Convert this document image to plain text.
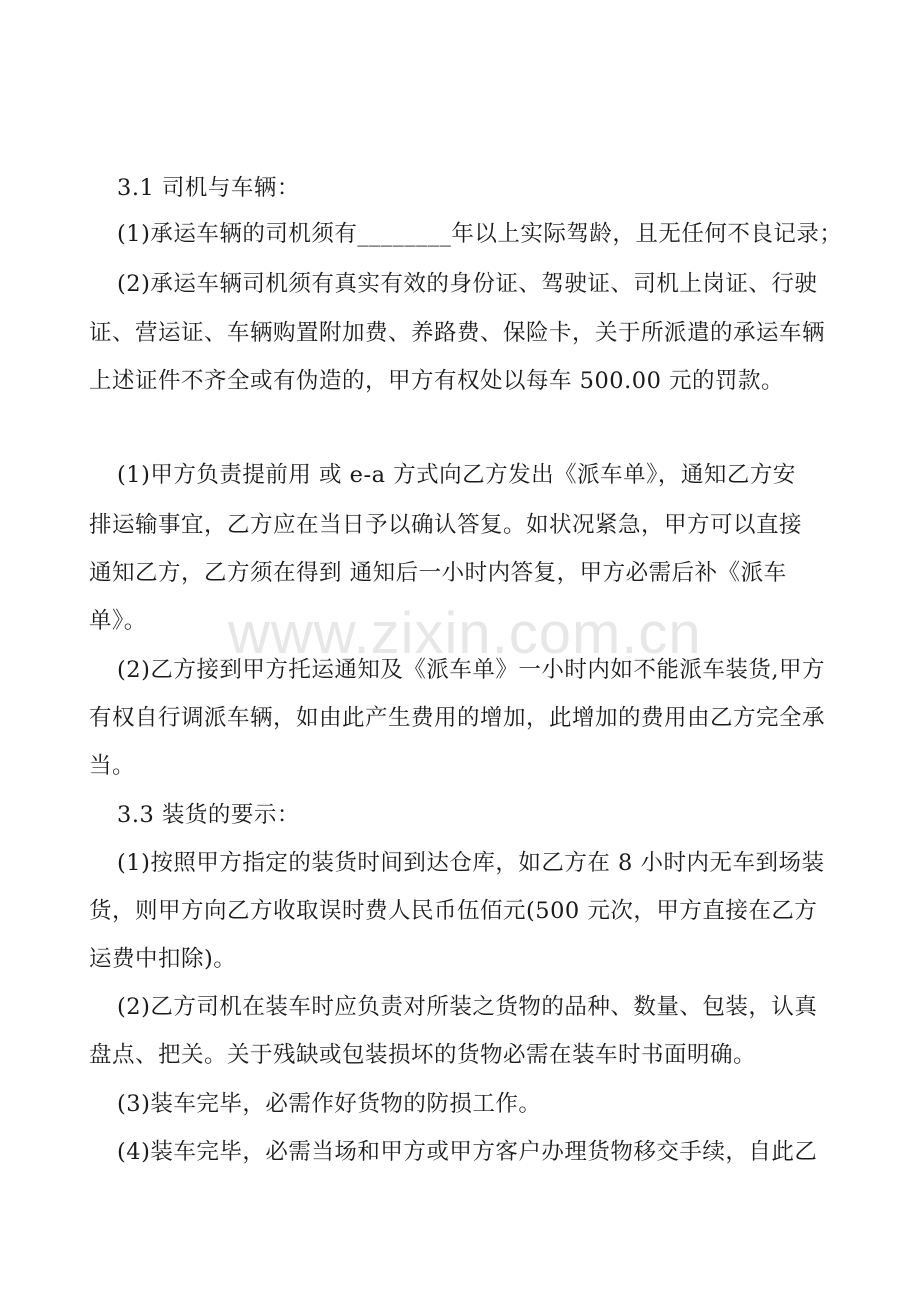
3.1 司机与车辆：
(1)承运车辆的司机须有________年以上实际驾龄，且无任何不良记录；
(2)承运车辆司机须有真实有效的身份证、驾驶证、司机上岗证、行驶
证、营运证、车辆购置附加费、养路费、保险卡，关于所派遣的承运车辆
上述证件不齐全或有伪造的，甲方有权处以每车 500.00 元的罚款。
(1)甲方负责提前用 或 e-a 方式向乙方发出《派车单》，通知乙方安
排运输事宜，乙方应在当日予以确认答复。如状况紧急，甲方可以直接
通知乙方，乙方须在得到 通知后一小时内答复，甲方必需后补《派车
单》。
(2)乙方接到甲方托运通知及《派车单》一小时内如不能派车装货,甲方
有权自行调派车辆，如由此产生费用的增加，此增加的费用由乙方完全承
当。
3.3 装货的要示：
(1)按照甲方指定的装货时间到达仓库，如乙方在 8 小时内无车到场装
货，则甲方向乙方收取误时费人民币伍佰元(500 元次，甲方直接在乙方
运费中扣除)。
(2)乙方司机在装车时应负责对所装之货物的品种、数量、包装，认真
盘点、把关。关于残缺或包装损坏的货物必需在装车时书面明确。
(3)装车完毕，必需作好货物的防损工作。
(4)装车完毕，必需当场和甲方或甲方客户办理货物移交手续，自此乙
www.zixin.com.cn
